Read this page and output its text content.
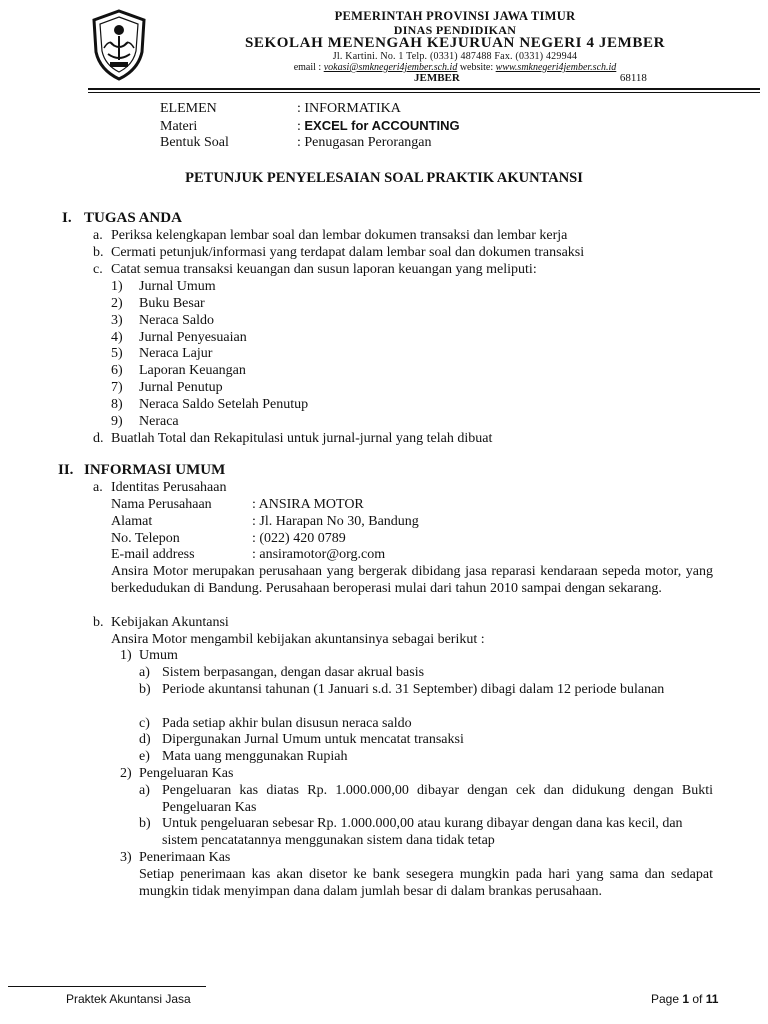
PEMERINTAH PROVINSI JAWA TIMUR
DINAS PENDIDIKAN
SEKOLAH MENENGAH KEJURUAN NEGERI 4 JEMBER
Jl. Kartini. No. 1 Telp. (0331) 487488 Fax. (0331) 429944
email : vokasi@smknegeri4jember.sch.id website: www.smknegeri4jember.sch.id
JEMBER	68118
ELEMEN	: INFORMATIKA
Materi	: EXCEL for ACCOUNTING
Bentuk Soal	: Penugasan Perorangan
PETUNJUK PENYELESAIAN SOAL PRAKTIK AKUNTANSI
I. TUGAS ANDA
a. Periksa kelengkapan lembar soal dan lembar dokumen transaksi dan lembar kerja
b. Cermati petunjuk/informasi yang terdapat dalam lembar soal dan dokumen transaksi
c. Catat semua transaksi keuangan dan susun laporan keuangan yang meliputi:
1) Jurnal Umum
2) Buku Besar
3) Neraca Saldo
4) Jurnal Penyesuaian
5) Neraca Lajur
6) Laporan Keuangan
7) Jurnal Penutup
8) Neraca Saldo Setelah Penutup
9) Neraca
d. Buatlah Total dan Rekapitulasi untuk jurnal-jurnal yang telah dibuat
II. INFORMASI UMUM
a. Identitas Perusahaan
Nama Perusahaan	: ANSIRA MOTOR
Alamat	: Jl. Harapan No 30, Bandung
No. Telepon	: (022) 420 0789
E-mail address	: ansiramotor@org.com
Ansira Motor merupakan perusahaan yang bergerak dibidang jasa reparasi kendaraan sepeda motor, yang berkedudukan di Bandung. Perusahaan beroperasi mulai dari tahun 2010 sampai dengan sekarang.
b. Kebijakan Akuntansi
Ansira Motor mengambil kebijakan akuntansinya sebagai berikut :
1) Umum
a) Sistem berpasangan, dengan dasar akrual basis
b) Periode akuntansi tahunan (1 Januari s.d. 31 September) dibagi dalam 12 periode bulanan
c) Pada setiap akhir bulan disusun neraca saldo
d) Dipergunakan Jurnal Umum untuk mencatat transaksi
e) Mata uang menggunakan Rupiah
2) Pengeluaran Kas
a) Pengeluaran kas diatas Rp. 1.000.000,00 dibayar dengan cek dan didukung dengan Bukti Pengeluaran Kas
b) Untuk pengeluaran sebesar Rp. 1.000.000,00 atau kurang dibayar dengan dana kas kecil, dan sistem pencatatannya menggunakan sistem dana tidak tetap
3) Penerimaan Kas
Setiap penerimaan kas akan disetor ke bank sesegera mungkin pada hari yang sama dan sedapat mungkin tidak menyimpan dana dalam jumlah besar di dalam brankas perusahaan.
Praktek Akuntansi Jasa	Page 1 of 11
